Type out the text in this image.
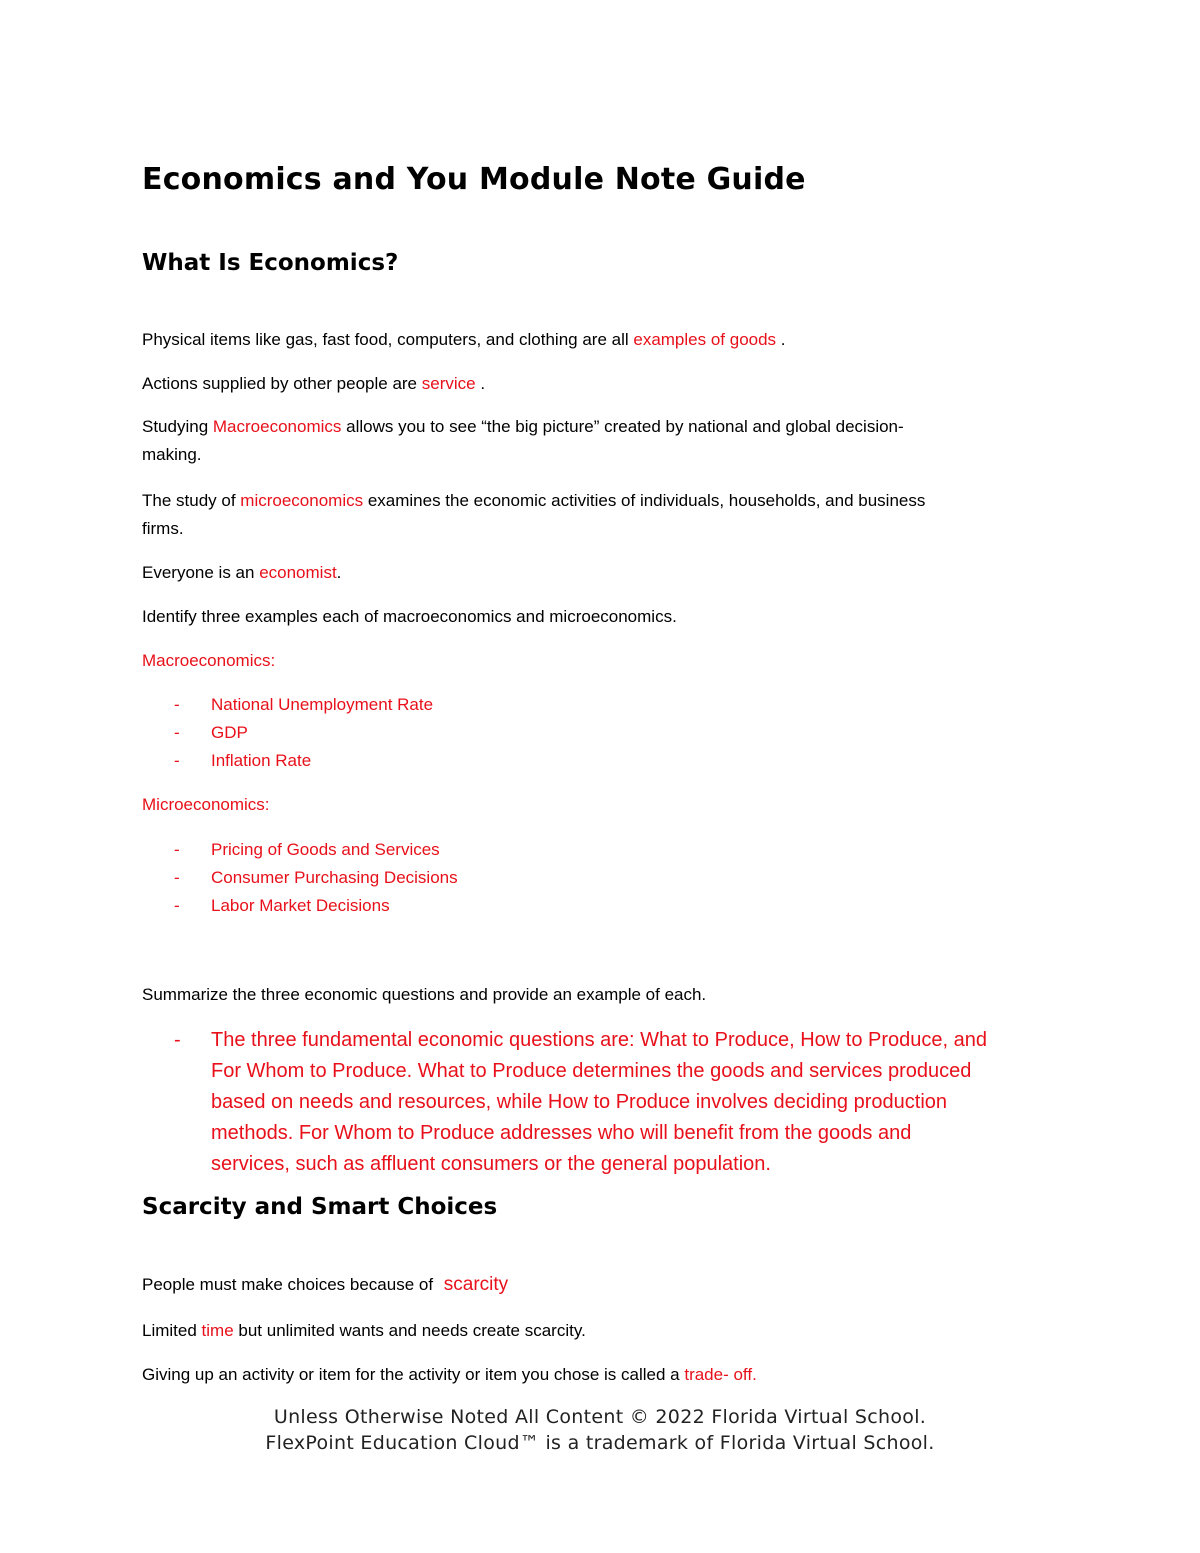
Economics and You Module Note Guide
What Is Economics?
Physical items like gas, fast food, computers, and clothing are all examples of goods .
Actions supplied by other people are service .
Studying Macroeconomics allows you to see “the big picture” created by national and global decision-
making.
The study of microeconomics examines the economic activities of individuals, households, and business
firms.
Everyone is an economist.
Identify three examples each of macroeconomics and microeconomics.
Macroeconomics:
- National Unemployment Rate
- GDP
- Inflation Rate
Microeconomics:
- Pricing of Goods and Services
- Consumer Purchasing Decisions
- Labor Market Decisions
Summarize the three economic questions and provide an example of each.
- The three fundamental economic questions are: What to Produce, How to Produce, and
For Whom to Produce. What to Produce determines the goods and services produced
based on needs and resources, while How to Produce involves deciding production
methods. For Whom to Produce addresses who will benefit from the goods and
services, such as affluent consumers or the general population.
Scarcity and Smart Choices
People must make choices because of scarcity
Limited time but unlimited wants and needs create scarcity.
Giving up an activity or item for the activity or item you chose is called a trade- off.
Unless Otherwise Noted All Content © 2022 Florida Virtual School.
FlexPoint Education Cloud™ is a trademark of Florida Virtual School.
